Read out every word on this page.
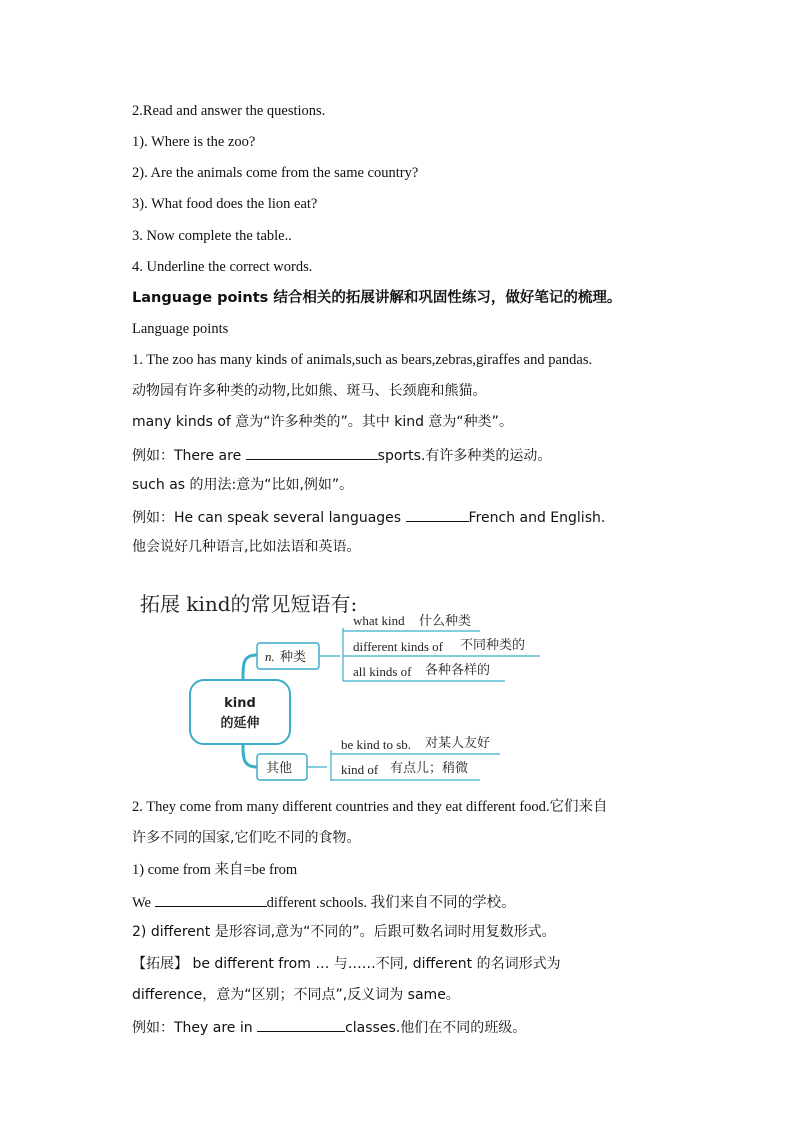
2.Read and answer the questions.
1). Where is the zoo?
2). Are the animals come from the same country?
3). What food does the lion eat?
3. Now complete the table..
4. Underline the correct words.
Language points 结合相关的拓展讲解和巩固性练习，做好笔记的梳理。
Language points
1. The zoo has many kinds of animals,such as bears,zebras,giraffes and pandas.
动物园有许多种类的动物,比如熊、斑马、长颈鹿和熊猫。
many kinds of 意为“许多种类的”。其中 kind 意为“种类”。
例如：There are	sports.有许多种类的运动。
such as 的用法:意为“比如,例如”。
例如：He can speak several languages	French and English.
他会说好几种语言,比如法语和英语。
拓展 kind的常见短语有:
kind
的延伸
n. 种类
what kind 什么种类
different kinds of 不同种类的
all kinds of 各种各样的
其他
be kind to sb. 对某人友好
kind of 有点儿；稍微
2. They come from many different countries and they eat different food.它们来自
许多不同的国家,它们吃不同的食物。
1) come from 来自=be from
We	different schools. 我们来自不同的学校。
2) different 是形容词,意为“不同的”。后跟可数名词时用复数形式。
【拓展】 be different from … 与……不同, different 的名词形式为
difference，意为“区别；不同点”,反义词为 same。
例如：They are in	classes.他们在不同的班级。
